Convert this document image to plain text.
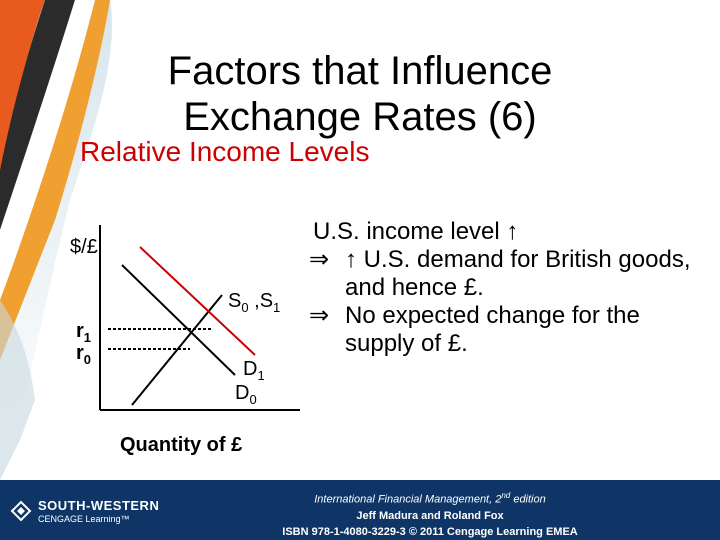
Factors that Influence
Exchange Rates (6)
Relative Income Levels
$/£
Quantity of £
$r_1$
$r_0$
$S_0$ $,S_1$
$D_1$
$D_0$
U.S. income level ↑
⇒ ↑ U.S. demand for British goods, and hence £.
⇒ No expected change for the supply of £.
SOUTH-WESTERN
CENGAGE Learning™
International Financial Management, 2nd edition
Jeff Madura and Roland Fox
ISBN 978-1-4080-3229-3 © 2011 Cengage Learning EMEA
